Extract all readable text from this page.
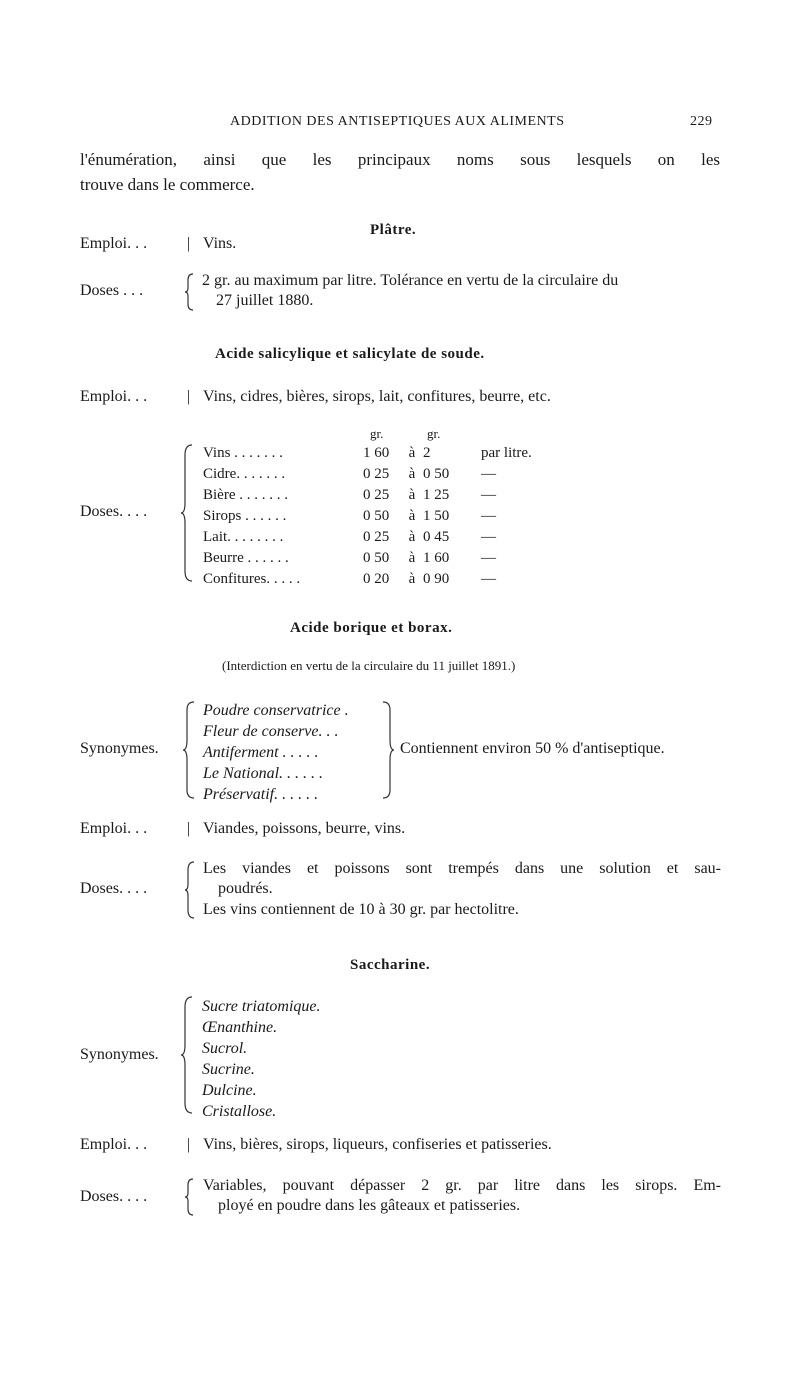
ADDITION DES ANTISEPTIQUES AUX ALIMENTS	229
l'énumération, ainsi que les principaux noms sous lesquels on les
trouve dans le commerce.
Plâtre.
Emploi. . . | Vins.
Doses . . .
2 gr. au maximum par litre. Tolérance en vertu de la circulaire du
27 juillet 1880.
Acide salicylique et salicylate de soude.
Emploi. . . | Vins, cidres, bières, sirops, lait, confitures, beurre, etc.
gr.	gr.
Doses. . . .
Vins . . . . . . .	1 60	à	2	par litre.
Cidre. . . . . . .	0 25	à	0 50	—
Bière . . . . . . .	0 25	à	1 25	—
Sirops . . . . . .	0 50	à	1 50	—
Lait. . . . . . . .	0 25	à	0 45	—
Beurre . . . . . .	0 50	à	1 60	—
Confitures. . . . .	0 20	à	0 90	—
Acide borique et borax.
(Interdiction en vertu de la circulaire du 11 juillet 1891.)
Synonymes.
Poudre conservatrice .
Fleur de conserve. . .
Antiferment . . . . .
Le National. . . . . .
Préservatif. . . . . .
Contiennent environ 50 % d'antiseptique.
Emploi. . . | Viandes, poissons, beurre, vins.
Doses. . . .
Les viandes et poissons sont trempés dans une solution et sau-
poudrés.
Les vins contiennent de 10 à 30 gr. par hectolitre.
Saccharine.
Synonymes.
Sucre triatomique.
Œnanthine.
Sucrol.
Sucrine.
Dulcine.
Cristallose.
Emploi. . . | Vins, bières, sirops, liqueurs, confiseries et patisseries.
Doses. . . .
Variables, pouvant dépasser 2 gr. par litre dans les sirops. Em-
ployé en poudre dans les gâteaux et patisseries.
